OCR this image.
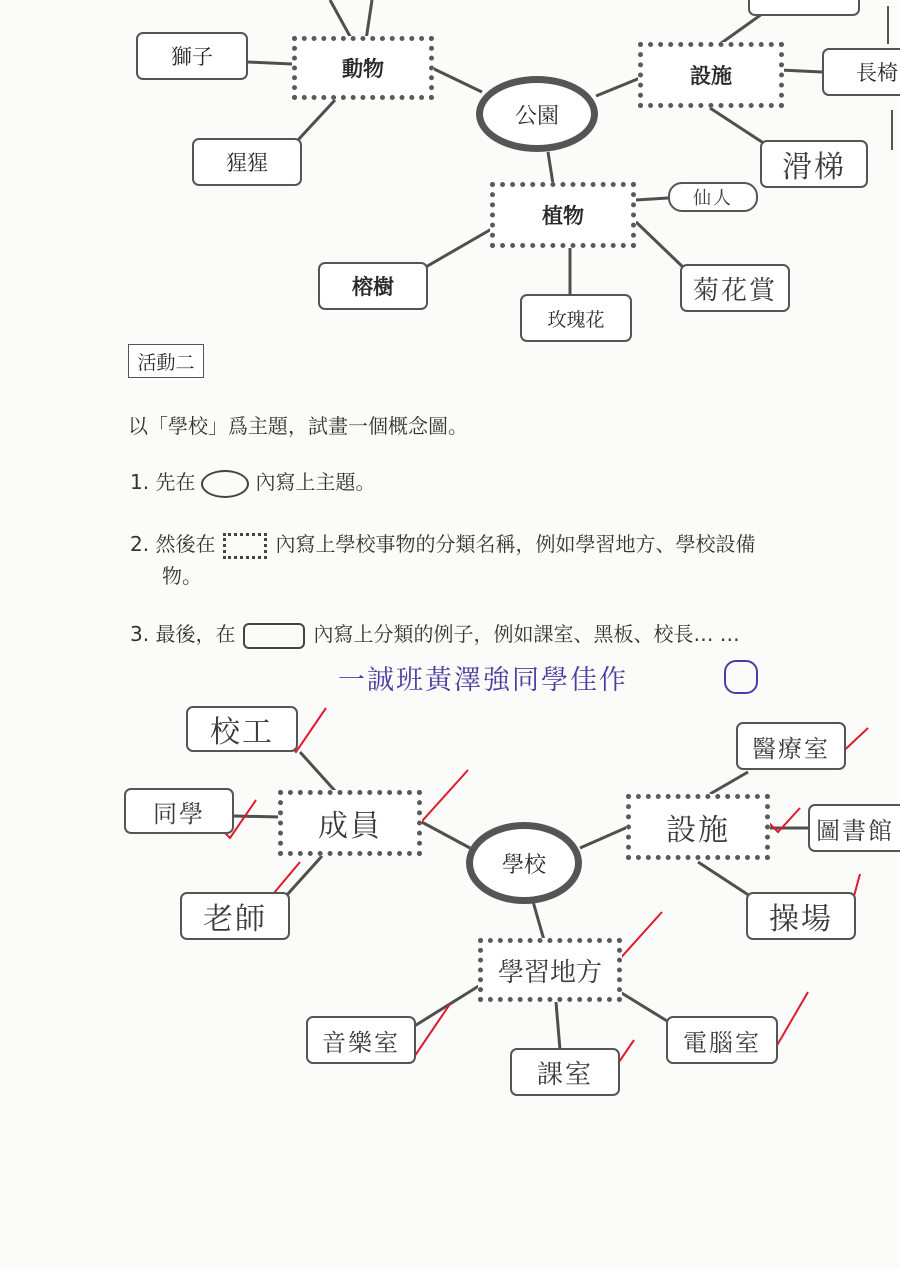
獅子	動物
公園
設施	長椅
猩猩	滑梯
植物
仙人
榕樹	菊花賞
玫瑰花
活動二
以「學校」爲主題，試畫一個概念圖。
1. 先在	內寫上主題。
2. 然後在	內寫上學校事物的分類名稱，例如學習地方、學校設備
物。
3. 最後，在	內寫上分類的例子，例如課室、黑板、校長… …
一誠班黃澤強同學佳作
校工	醫療室
同學	成員	設施	圖書館
學校
老師	操場
學習地方
音樂室	電腦室
課室
